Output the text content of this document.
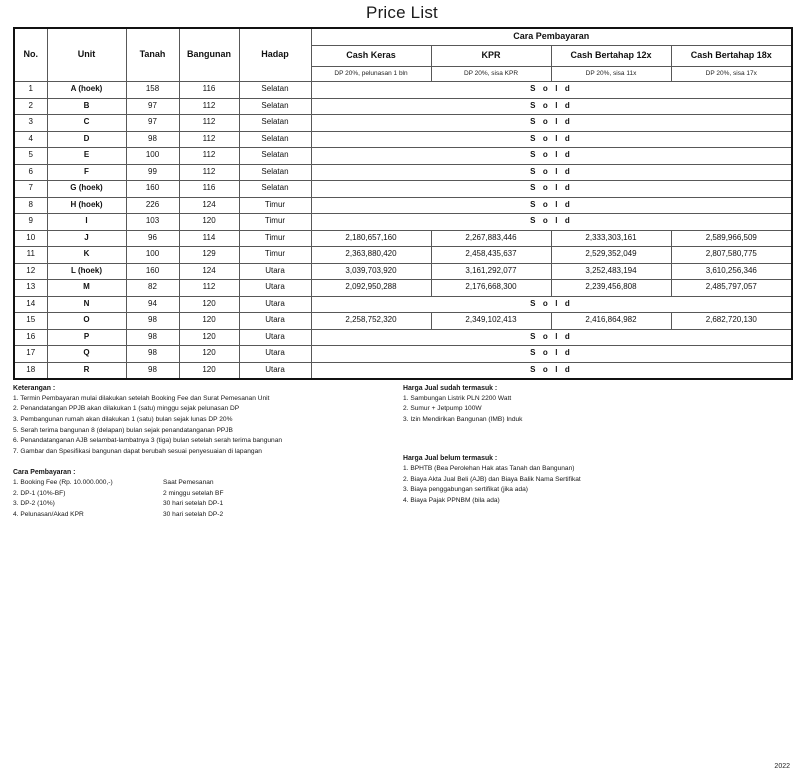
Price List
No.	Unit	Tanah	Bangunan	Hadap	Cara Pembayaran			
					Cash Keras	KPR	Cash Bertahap 12x	Cash Bertahap 18x
					DP 20%, pelunasan 1 bln	DP 20%, sisa KPR	DP 20%, sisa 11x	DP 20%, sisa 17x
1	A (hoek)	158	116	Selatan	S o l d			
2	B	97	112	Selatan	S o l d			
3	C	97	112	Selatan	S o l d			
4	D	98	112	Selatan	S o l d			
5	E	100	112	Selatan	S o l d			
6	F	99	112	Selatan	S o l d			
7	G (hoek)	160	116	Selatan	S o l d			
8	H (hoek)	226	124	Timur	S o l d			
9	I	103	120	Timur	S o l d			
10	J	96	114	Timur	2,180,657,160	2,267,883,446	2,333,303,161	2,589,966,509
11	K	100	129	Timur	2,363,880,420	2,458,435,637	2,529,352,049	2,807,580,775
12	L (hoek)	160	124	Utara	3,039,703,920	3,161,292,077	3,252,483,194	3,610,256,346
13	M	82	112	Utara	2,092,950,288	2,176,668,300	2,239,456,808	2,485,797,057
14	N	94	120	Utara	S o l d			
15	O	98	120	Utara	2,258,752,320	2,349,102,413	2,416,864,982	2,682,720,130
16	P	98	120	Utara	S o l d			
17	Q	98	120	Utara	S o l d			
18	R	98	120	Utara	S o l d			
2022
Keterangan :
1. Termin Pembayaran mulai dilakukan setelah Booking Fee dan Surat Pemesanan Unit
2. Penandatangan PPJB akan dilakukan 1 (satu) minggu sejak pelunasan DP
3. Pembangunan rumah akan dilakukan 1 (satu) bulan sejak lunas DP 20%
5. Serah terima bangunan 8 (delapan) bulan sejak penandatanganan PPJB
6. Penandatanganan AJB selambat-lambatnya 3 (tiga) bulan setelah serah terima bangunan
7. Gambar dan Spesifikasi bangunan dapat berubah sesuai penyesuaian di lapangan
Cara Pembayaran :
1. Booking Fee (Rp. 10.000.000,-)	Saat Pemesanan
2. DP-1 (10%-BF)	2 minggu setelah BF
3. DP-2 (10%)	30 hari setelah DP-1
4. Pelunasan/Akad KPR	30 hari setelah DP-2
Harga Jual sudah termasuk :
1. Sambungan Listrik PLN 2200 Watt
2. Sumur + Jetpump 100W
3. Izin Mendirikan Bangunan (IMB) Induk
Harga Jual belum termasuk :
1. BPHTB (Bea Perolehan Hak atas Tanah dan Bangunan)
2. Biaya Akta Jual Beli (AJB) dan Biaya Balik Nama Sertifikat
3. Biaya penggabungan sertifikat (jika ada)
4. Biaya Pajak PPNBM (bila ada)
